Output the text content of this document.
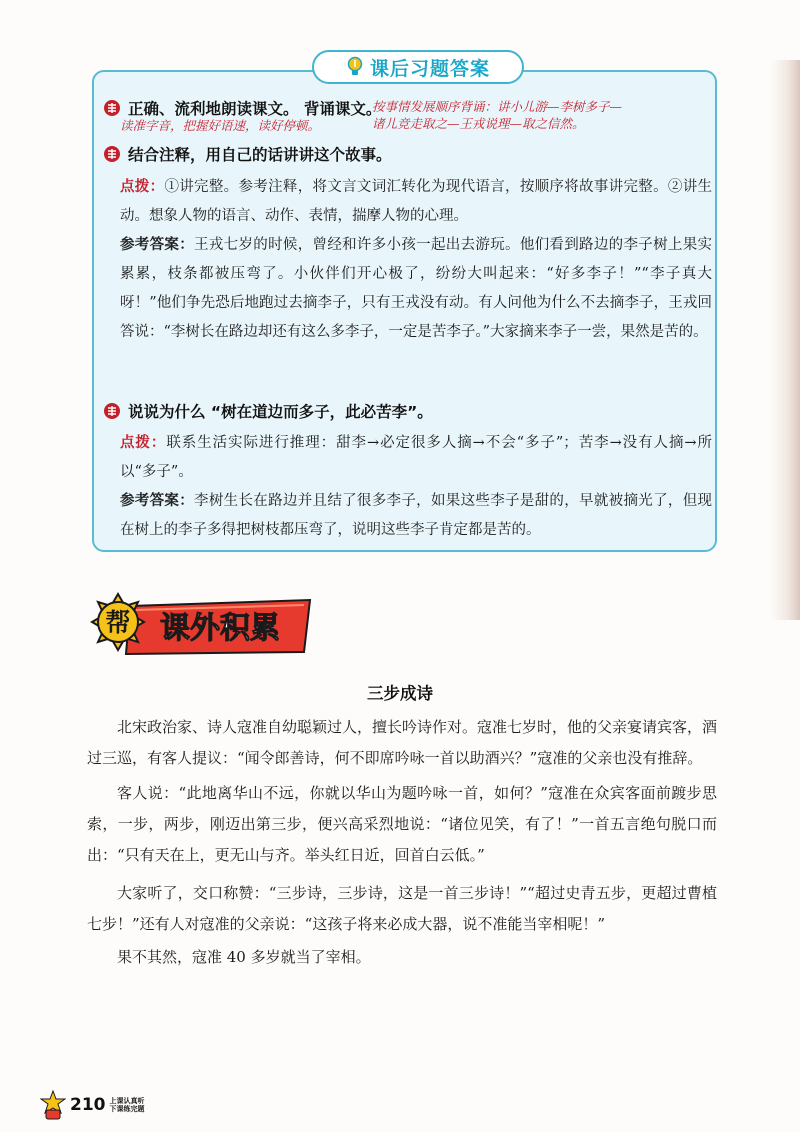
课后习题答案
正确、流利地朗读课文。 背诵课文。
读准字音，把握好语速，读好停顿。
按事情发展顺序背诵：讲小儿游—李树多子—诸儿竞走取之—王戎说理—取之信然。
结合注释，用自己的话讲讲这个故事。
点拨：①讲完整。参考注释，将文言文词汇转化为现代语言，按顺序将故事讲完整。②讲生动。想象人物的语言、动作、表情，揣摩人物的心理。
参考答案：王戎七岁的时候，曾经和许多小孩一起出去游玩。他们看到路边的李子树上果实累累，枝条都被压弯了。小伙伴们开心极了，纷纷大叫起来：“好多李子！”“李子真大呀！”他们争先恐后地跑过去摘李子，只有王戎没有动。有人问他为什么不去摘李子，王戎回答说：“李树长在路边却还有这么多李子，一定是苦李子。”大家摘来李子一尝，果然是苦的。
说说为什么 “树在道边而多子，此必苦李”。
点拨：联系生活实际进行推理：甜李→必定很多人摘→不会“多子”；苦李→没有人摘→所以“多子”。
参考答案：李树生长在路边并且结了很多李子，如果这些李子是甜的，早就被摘光了，但现在树上的李子多得把树枝都压弯了，说明这些李子肯定都是苦的。
帮 课外积累
三步成诗

北宋政治家、诗人寇准自幼聪颖过人，擅长吟诗作对。寇准七岁时，他的父亲宴请宾客，酒过三巡，有客人提议：“闻令郎善诗，何不即席吟咏一首以助酒兴？”寇准的父亲也没有推辞。

客人说：“此地离华山不远，你就以华山为题吟咏一首，如何？”寇准在众宾客面前踱步思索，一步，两步，刚迈出第三步，便兴高采烈地说：“诸位见笑，有了！”一首五言绝句脱口而出：“只有天在上，更无山与齐。举头红日近，回首白云低。”

大家听了，交口称赞：“三步诗，三步诗，这是一首三步诗！”“超过史青五步，更超过曹植七步！”还有人对寇准的父亲说：“这孩子将来必成大器，说不准能当宰相呢！”

果不其然，寇准 40 多岁就当了宰相。

210 上课认真听
下课练完题
